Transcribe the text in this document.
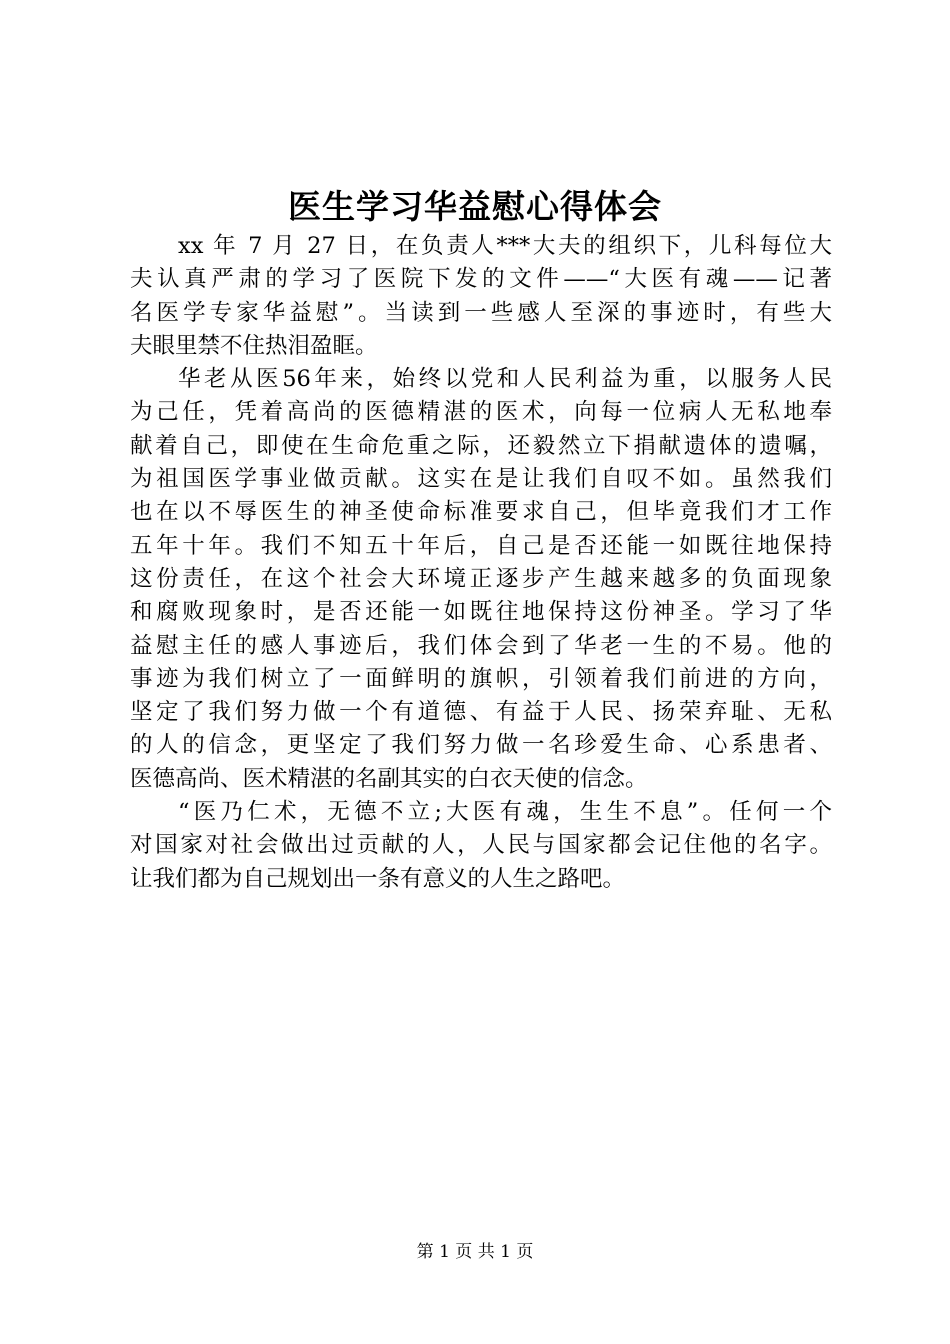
医生学习华益慰心得体会
xx 年 7 月 27 日，在负责人***大夫的组织下，儿科每位大
夫认真严肃的学习了医院下发的文件——“大医有魂——记著
名医学专家华益慰”。当读到一些感人至深的事迹时，有些大
夫眼里禁不住热泪盈眶。
华老从医56年来，始终以党和人民利益为重，以服务人民
为己任，凭着高尚的医德精湛的医术，向每一位病人无私地奉
献着自己，即使在生命危重之际，还毅然立下捐献遗体的遗嘱，
为祖国医学事业做贡献。这实在是让我们自叹不如。虽然我们
也在以不辱医生的神圣使命标准要求自己，但毕竟我们才工作
五年十年。我们不知五十年后，自己是否还能一如既往地保持
这份责任，在这个社会大环境正逐步产生越来越多的负面现象
和腐败现象时，是否还能一如既往地保持这份神圣。学习了华
益慰主任的感人事迹后，我们体会到了华老一生的不易。他的
事迹为我们树立了一面鲜明的旗帜，引领着我们前进的方向，
坚定了我们努力做一个有道德、有益于人民、扬荣弃耻、无私
的人的信念，更坚定了我们努力做一名珍爱生命、心系患者、
医德高尚、医术精湛的名副其实的白衣天使的信念。
“医乃仁术，无德不立;大医有魂，生生不息”。任何一个
对国家对社会做出过贡献的人，人民与国家都会记住他的名字。
让我们都为自己规划出一条有意义的人生之路吧。
第 1 页 共 1 页
